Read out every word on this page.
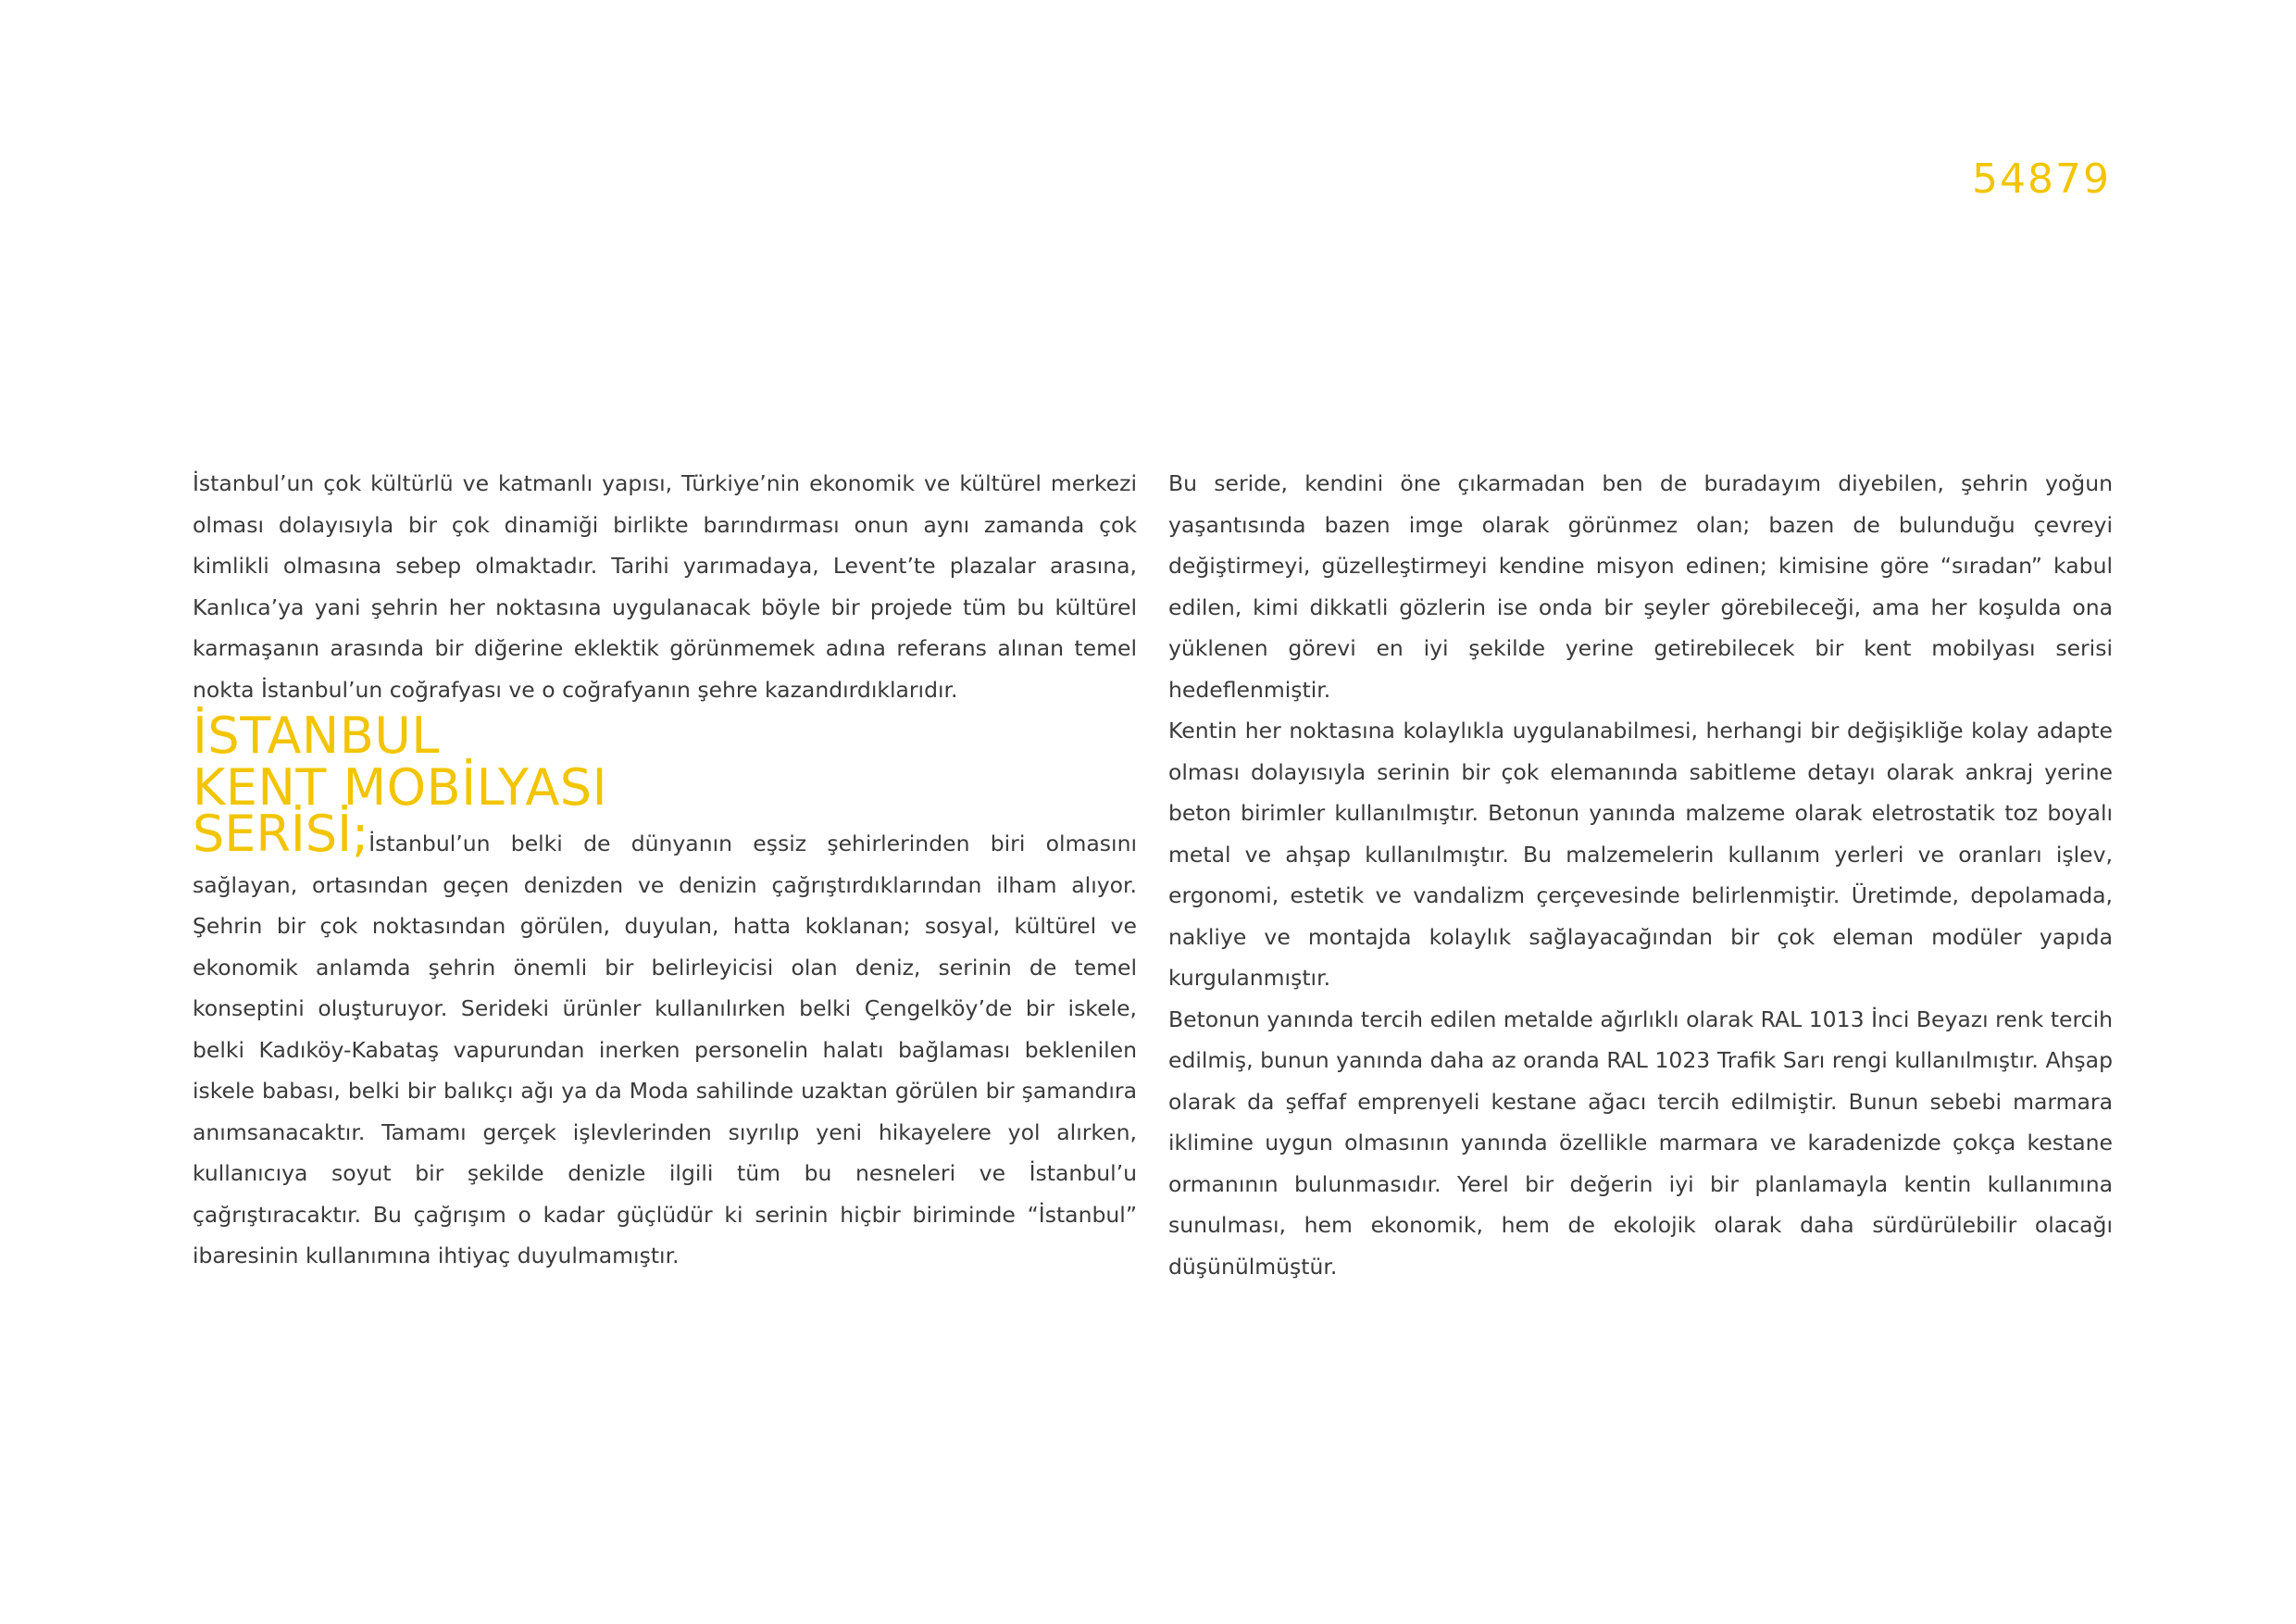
54879

İstanbul’un çok kültürlü ve katmanlı yapısı, Türkiye’nin ekonomik ve kültürel merkezi olması dolayısıyla bir çok dinamiği birlikte barındırması onun aynı zamanda çok kimlikli olmasına sebep olmaktadır. Tarihi yarımadaya, Levent’te plazalar arasına, Kanlıca’ya yani şehrin her noktasına uygulanacak böyle bir projede tüm bu kültürel karmaşanın arasında bir diğerine eklektik görünmemek adına referans alınan temel nokta İstanbul’un coğrafyası ve o coğrafyanın şehre kazandırdıklarıdır.

İSTANBUL
KENT MOBİLYASI

SERİSİ;İstanbul’un belki de dünyanın eşsiz şehirlerinden biri olmasını sağlayan, ortasından geçen denizden ve denizin çağrıştırdıklarından ilham alıyor. Şehrin bir çok noktasından görülen, duyulan, hatta koklanan; sosyal, kültürel ve ekonomik anlamda şehrin önemli bir belirleyicisi olan deniz, serinin de temel konseptini oluşturuyor. Serideki ürünler kullanılırken belki Çengelköy’de bir iskele, belki Kadıköy-Kabataş vapurundan inerken personelin halatı bağlaması beklenilen iskele babası, belki bir balıkçı ağı ya da Moda sahilinde uzaktan görülen bir şamandıra anımsanacaktır. Tamamı gerçek işlevlerinden sıyrılıp yeni hikayelere yol alırken, kullanıcıya soyut bir şekilde denizle ilgili tüm bu nesneleri ve İstanbul’u çağrıştıracaktır. Bu çağrışım o kadar güçlüdür ki serinin hiçbir biriminde “İstanbul” ibaresinin kullanımına ihtiyaç duyulmamıştır.

Bu seride, kendini öne çıkarmadan ben de buradayım diyebilen, şehrin yoğun yaşantısında bazen imge olarak görünmez olan; bazen de bulunduğu çevreyi değiştirmeyi, güzelleştirmeyi kendine misyon edinen; kimisine göre “sıradan” kabul edilen, kimi dikkatli gözlerin ise onda bir şeyler görebileceği, ama her koşulda ona yüklenen görevi en iyi şekilde yerine getirebilecek bir kent mobilyası serisi hedeflenmiştir.

Kentin her noktasına kolaylıkla uygulanabilmesi, herhangi bir değişikliğe kolay adapte olması dolayısıyla serinin bir çok elemanında sabitleme detayı olarak ankraj yerine beton birimler kullanılmıştır. Betonun yanında malzeme olarak eletrostatik toz boyalı metal ve ahşap kullanılmıştır. Bu malzemelerin kullanım yerleri ve oranları işlev, ergonomi, estetik ve vandalizm çerçevesinde belirlenmiştir. Üretimde, depolamada, nakliye ve montajda kolaylık sağlayacağından bir çok eleman modüler yapıda kurgulanmıştır.

Betonun yanında tercih edilen metalde ağırlıklı olarak RAL 1013 İnci Beyazı renk tercih edilmiş, bunun yanında daha az oranda RAL 1023 Trafik Sarı rengi kullanılmıştır. Ahşap olarak da şeffaf emprenyeli kestane ağacı tercih edilmiştir. Bunun sebebi marmara iklimine uygun olmasının yanında özellikle marmara ve karadenizde çokça kestane ormanının bulunmasıdır. Yerel bir değerin iyi bir planlamayla kentin kullanımına sunulması, hem ekonomik, hem de ekolojik olarak daha sürdürülebilir olacağı düşünülmüştür.
